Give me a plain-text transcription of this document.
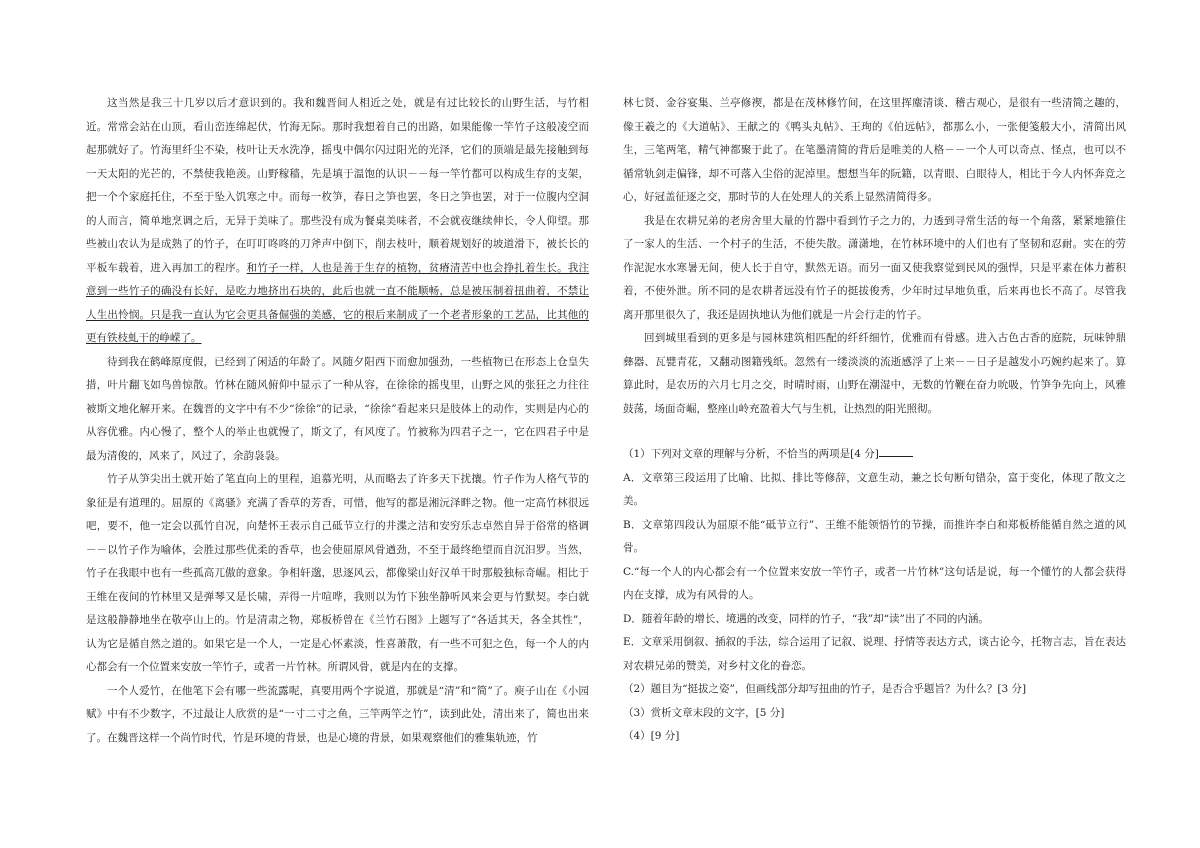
这当然是我三十几岁以后才意识到的。我和魏晋间人相近之处，就是有过比较长的山野生活，与竹相近。常常会站在山顶，看山峦连绵起伏，竹海无际。那时我想着自己的出路，如果能像一竿竹子这般凌空而起那就好了。竹海里纤尘不染，枝叶让天水洗净，摇曳中偶尔闪过阳光的光泽，它们的顶端是最先接触到每一天太阳的光芒的，不禁使我艳羡。山野稼穑，先是填于温饱的认识－－每一竿竹都可以构成生存的支架，把一个个家庭托住，不至于坠入饥寒之中。而每一枚笋，春日之笋也罢，冬日之笋也罢，对于一位腹内空洞的人而言，简单地烹调之后，无异于美味了。那些没有成为餐桌美味者，不会就夜继续伸长，令人仰望。那些被山农认为是成熟了的竹子，在叮叮咚咚的刀斧声中倒下，削去枝叶，顺着规划好的坡道滑下，被长长的平板车载着，进入再加工的程序。和竹子一样，人也是善于生存的植物，贫瘠清苦中也会挣扎着生长。我注意到一些竹子的确没有长好，是吃力地挤出石块的，此后也就一直不能顺畅，总是被压制着扭曲着，不禁让人生出怜悯。只是我一直认为它会更具备倔强的美感，它的根后来制成了一个老者形象的工艺品，比其他的更有铁枝虬干的峥嵘了。

待到我在鹤峰原度假，已经到了闲适的年龄了。风随夕阳西下而愈加强劲，一些植物已在形态上仓皇失措，叶片翻飞如鸟兽惊散。竹林在随风俯仰中显示了一种从容，在徐徐的摇曳里，山野之风的张狂之力往往被斯文地化解开来。在魏晋的文字中有不少“徐徐”的记录，“徐徐”看起来只是肢体上的动作，实则是内心的从容优雅。内心慢了，整个人的举止也就慢了，斯文了，有风度了。竹被称为四君子之一，它在四君子中是最为清俊的，风来了，风过了，余韵袅袅。

竹子从笋尖出土就开始了笔直向上的里程，追慕光明，从而略去了许多天下扰攘。竹子作为人格气节的象征是有道理的。屈原的《离骚》充满了香草的芳香，可惜，他写的都是湘沅泽畔之物。他一定高竹林很远吧，要不，他一定会以孤竹自况，向楚怀王表示自己砥节立行的井渫之洁和安穷乐志卓然自异于俗常的格调－－以竹子作为喻体，会胜过那些优柔的香草，也会使屈原风骨遒劲，不至于最终绝望而自沉汨罗。当然，竹子在我眼中也有一些孤高兀傲的意象。争相轩邈，思逐风云，都像梁山好汉单干时那般独标奇崛。相比于王维在夜间的竹林里又是弹琴又是长啸，弄得一片喧哗，我则以为竹下独坐静听风来会更与竹默契。李白就是这般静静地坐在敬亭山上的。竹是清肃之物，郑板桥曾在《兰竹石图》上题写了“各适其天，各全其性”，认为它是循自然之道的。如果它是一个人，一定是心怀素淡，性喜萧散，有一些不可犯之色，每一个人的内心都会有一个位置来安放一竿竹子，或者一片竹林。所谓风骨，就是内在的支撑。

一个人爱竹，在他笔下会有哪一些流露呢，真要用两个字说道，那就是“清”和“简”了。庾子山在《小园赋》中有不少数字，不过最让人欣赏的是“一寸二寸之鱼，三竿两竿之竹”，读到此处，清出来了，简也出来了。在魏晋这样一个尚竹时代，竹是环境的背景，也是心境的背景，如果观察他们的雅集轨迹，竹

林七贤、金谷宴集、兰亭修禊，都是在茂林修竹间，在这里挥麈清谈、稽古观心，是很有一些清简之趣的，像王羲之的《大道帖》、王献之的《鸭头丸帖》、王珣的《伯远帖》，都那么小，一张便笺般大小，清简出风生，三笔两笔，精气神都聚于此了。在笔墨清简的背后是唯美的人格－－一个人可以奇点、怪点，也可以不循常轨剑走偏锋，却不可落入尘俗的泥淖里。想想当年的阮籍，以青眼、白眼待人，相比于今人内怀奔竞之心，好冠盖征逐之交，那时节的人在处理人的关系上显然清简得多。

我是在农耕兄弟的老房舍里大量的竹器中看到竹子之力的，力透到寻常生活的每一个角落，紧紧地箍住了一家人的生活、一个村子的生活，不使失散。潇潇地，在竹林环境中的人们也有了坚韧和忍耐。实在的劳作泥泥水水寒暑无间，使人长于自守，默然无语。而另一面又使我察觉到民风的强悍，只是平素在体力蓄积着，不使外泄。所不同的是农耕者远没有竹子的挺拔俊秀，少年时过早地负重，后来再也长不高了。尽管我离开那里很久了，我还是固执地认为他们就是一片会行走的竹子。

回到城里看到的更多是与园林建筑相匹配的纤纤细竹，优雅而有骨感。进入古色古香的庭院，玩味钟鼎彝器、瓦甓青花，又翻动图籍残纸。忽然有一缕淡淡的流逝感浮了上来－－日子是越发小巧婉约起来了。算算此时，是农历的六月七月之交，时晴时雨，山野在潮湿中，无数的竹鞭在奋力吮吸，竹笋争先向上，风雅鼓荡，场面奇崛，整座山岭充盈着大气与生机，让热烈的阳光照彻。

（1）下列对文章的理解与分析，不恰当的两项是[4 分]

A．文章第三段运用了比喻、比拟、排比等修辞，文意生动，兼之长句断句错杂，富于变化，体现了散文之美。

B．文章第四段认为屈原不能“砥节立行”、王维不能领悟竹的节操，而推许李白和郑板桥能循自然之道的风骨。

C.“每一个人的内心都会有一个位置来安放一竿竹子，或者一片竹林”这句话是说，每一个懂竹的人都会获得内在支撑，成为有风骨的人。

D．随着年龄的增长、境遇的改变，同样的竹子，“我”却“读”出了不同的内涵。

E．文章采用倒叙、插叙的手法，综合运用了记叙、说理、抒情等表达方式，谈古论今，托物言志，旨在表达对农耕兄弟的赞美，对乡村文化的眷恋。

（2）题目为“挺拔之姿”，但画线部分却写扭曲的竹子，是否合乎题旨？为什么？[3 分]

（3）赏析文章末段的文字，[5 分]

（4）[9 分]
